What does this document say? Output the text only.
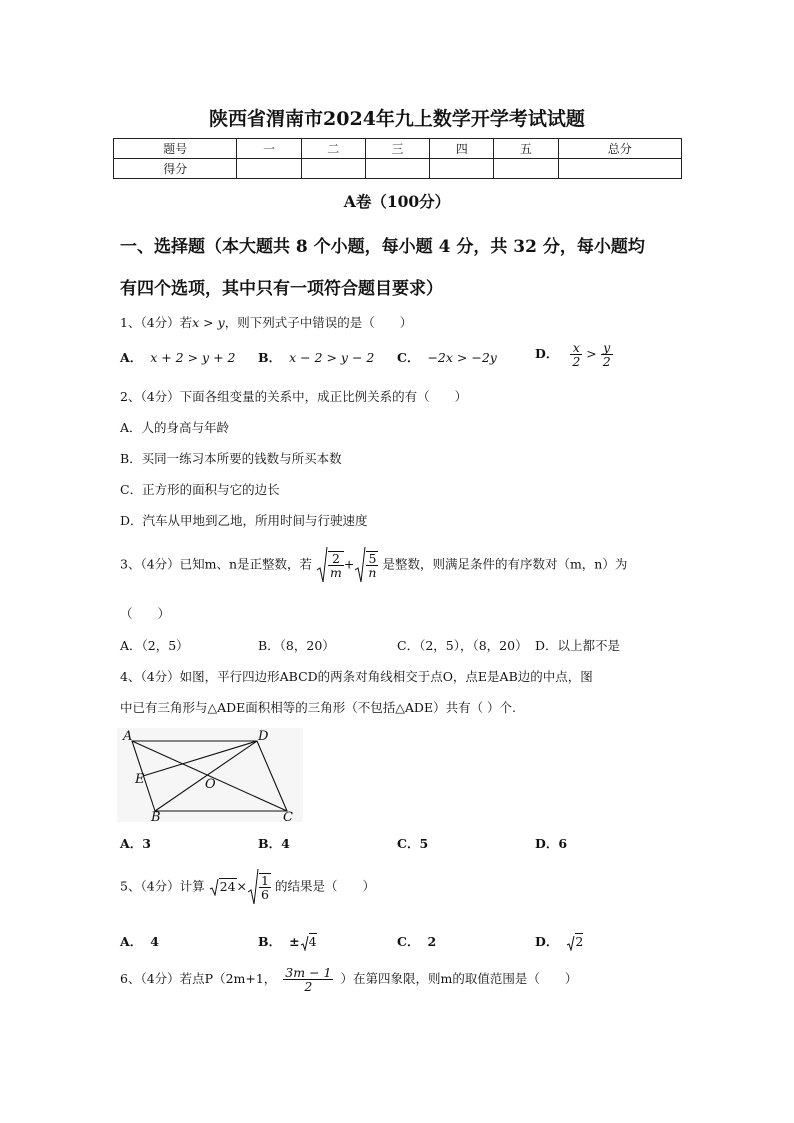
陕西省渭南市2024年九上数学开学考试试题
题号	一	二	三	四	五	总分
得分						
A卷（100分）
一、选择题（本大题共 8 个小题，每小题 4 分，共 32 分，每小题均
有四个选项，其中只有一项符合题目要求）
1、（4分）若x > y，则下列式子中错误的是（　　）
A． x + 2 > y + 2 B． x − 2 > y − 2 C． −2x > −2y	D． $\frac{x}{2} > \frac{y}{2}$
2、（4分）下面各组变量的关系中，成正比例关系的有（　　）
A．人的身高与年龄
B．买同一练习本所要的钱数与所买本数
C．正方形的面积与它的边长
D．汽车从甲地到乙地，所用时间与行驶速度
3、（4分）已知m、n是正整数，若 $\frac{2}{m} + \frac{5}{n}$ 是整数，则满足条件的有序数对（m，n）为
（　　）
A．（2，5）	B．（8，20）	C．（2，5），（8，20） D．以上都不是
4、（4分）如图，平行四边形ABCD的两条对角线相交于点O，点E是AB边的中点，图
中已有三角形与△ADE面积相等的三角形（不包括△ADE）共有（ ）个.
A	D
E	O
B	C
A．3	B．4	C．5	D．6
5、（4分）计算 $24\times \frac{1}{6}$ 的结果是（　　）
A． 4	B． ± 4	C． 2	D． 2
6、（4分）若点P（2m+1， $\frac{3m - 1}{2}$ ）在第四象限，则m的取值范围是（　　）
